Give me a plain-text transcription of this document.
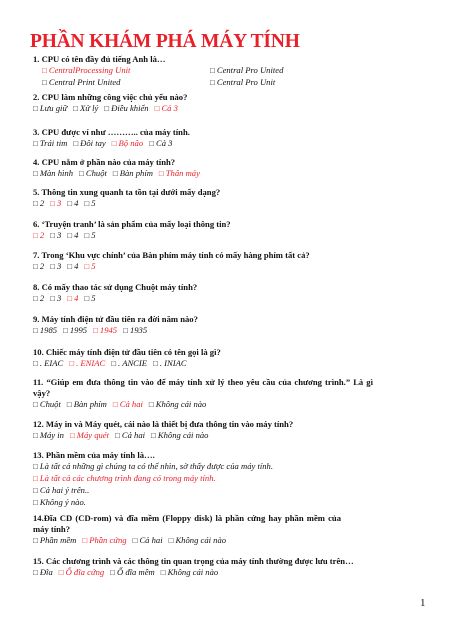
PHẦN KHÁM PHÁ MÁY TÍNH
1. CPU có tên đầy đủ tiếng Anh là…
□ CentralProcessing Unit	□ Central Pro United
□ Central Print United	□ Central Pro Unit
2. CPU làm những công việc chủ yếu nào?
□ Lưu giữ □ Xử lý □ Điều khiển □ Cả 3
3. CPU được ví như ……….. của máy tính.
□ Trái tim □ Đôi tay □ Bộ não □ Cả 3
4. CPU nằm ở phần nào của máy tính?
□ Màn hình □ Chuột □ Bàn phím □ Thân máy
5. Thông tin xung quanh ta tồn tại dưới mấy dạng?
□ 2 □ 3 □ 4 □ 5
6. ‘Truyện tranh’ là sản phẩm của mấy loại thông tin?
□ 2 □ 3 □ 4 □ 5
7. Trong ‘Khu vực chính’ của Bàn phím máy tính có mấy hàng phím tất cả?
□ 2 □ 3 □ 4 □ 5
8. Có mấy thao tác sử dụng Chuột máy tính?
□ 2 □ 3 □ 4 □ 5
9. Máy tính điện tử đầu tiên ra đời năm nào?
□ 1985 □ 1995 □ 1945 □ 1935
10. Chiếc máy tính điện tử đầu tiên có tên gọi là gì?
□ . EIAC □ . ENIAC □ . ANCIE □ . INIAC
11. “Giúp em đưa thông tin vào để máy tính xử lý theo yêu cầu của chương trình.” Là gì vậy?
□ Chuột □ Bàn phím □ Cả hai □ Không cái nào
12. Máy in và Máy quét, cái nào là thiết bị đưa thông tin vào máy tính?
□ Máy in □ Máy quét □ Cả hai □ Không cái nào
13. Phần mềm của máy tính là….
□ Là tất cả những gì chúng ta có thể nhìn, sờ thấy được của máy tính.
□ Là tất cả các chương trình đang có trong máy tính.
□ Cả hai ý trên..
□ Không ý nào.
14.Đĩa CD (CD-rom) và đĩa mềm (Floppy disk) là phần cứng hay phần mềm của máy tính?
□ Phần mềm □ Phần cứng □ Cả hai □ Không cái nào
15. Các chương trình và các thông tin quan trọng của máy tính thường được lưu trên…
□ Đĩa □ Ổ đĩa cứng □ Ổ đĩa mềm □ Không cái nào
1
